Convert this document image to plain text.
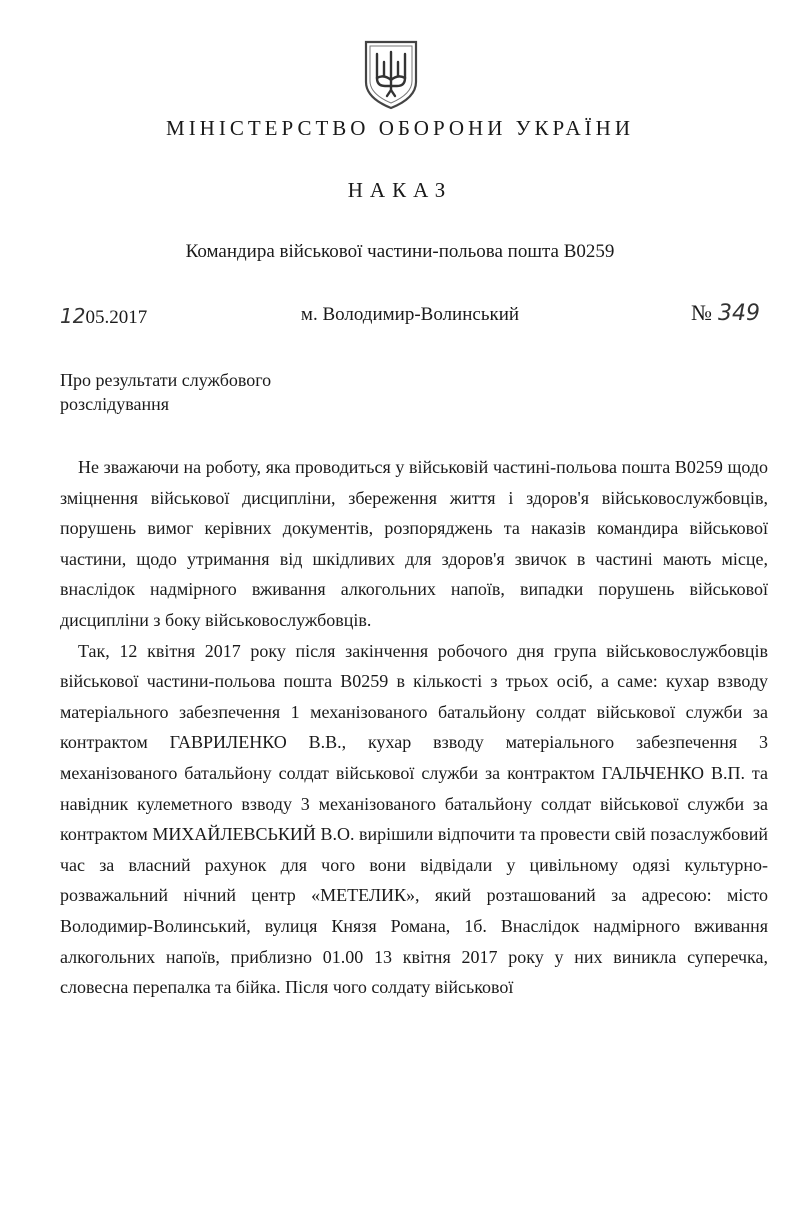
МІНІСТЕРСТВО ОБОРОНИ УКРАЇНИ
НАКАЗ
Командира військової частини-польова пошта В0259
1205.2017	м. Володимир-Волинський	№ 349
Про результати службового
розслідування

Не зважаючи на роботу, яка проводиться у військовій частині-польова пошта В0259 щодо зміцнення військової дисципліни, збереження життя і здоров'я військовослужбовців, порушень вимог керівних документів, розпоряджень та наказів командира військової частини, щодо утримання від шкідливих для здоров'я звичок в частині мають місце, внаслідок надмірного вживання алкогольних напоїв, випадки порушень військової дисципліни з боку військовослужбовців.

Так, 12 квітня 2017 року після закінчення робочого дня група військовослужбовців військової частини-польова пошта В0259 в кількості з трьох осіб, а саме: кухар взводу матеріального забезпечення 1 механізованого батальйону солдат військової служби за контрактом ГАВРИЛЕНКО В.В., кухар взводу матеріального забезпечення 3 механізованого батальйону солдат військової служби за контрактом ГАЛЬЧЕНКО В.П. та навідник кулеметного взводу 3 механізованого батальйону солдат військової служби за контрактом МИХАЙЛЕВСЬКИЙ В.О. вирішили відпочити та провести свій позаслужбовий час за власний рахунок для чого вони відвідали у цивільному одязі культурно-розважальний нічний центр «МЕТЕЛИК», який розташований за адресою: місто Володимир-Волинський, вулиця Князя Романа, 1б. Внаслідок надмірного вживання алкогольних напоїв, приблизно 01.00 13 квітня 2017 року у них виникла суперечка, словесна перепалка та бійка. Після чого солдату військової
